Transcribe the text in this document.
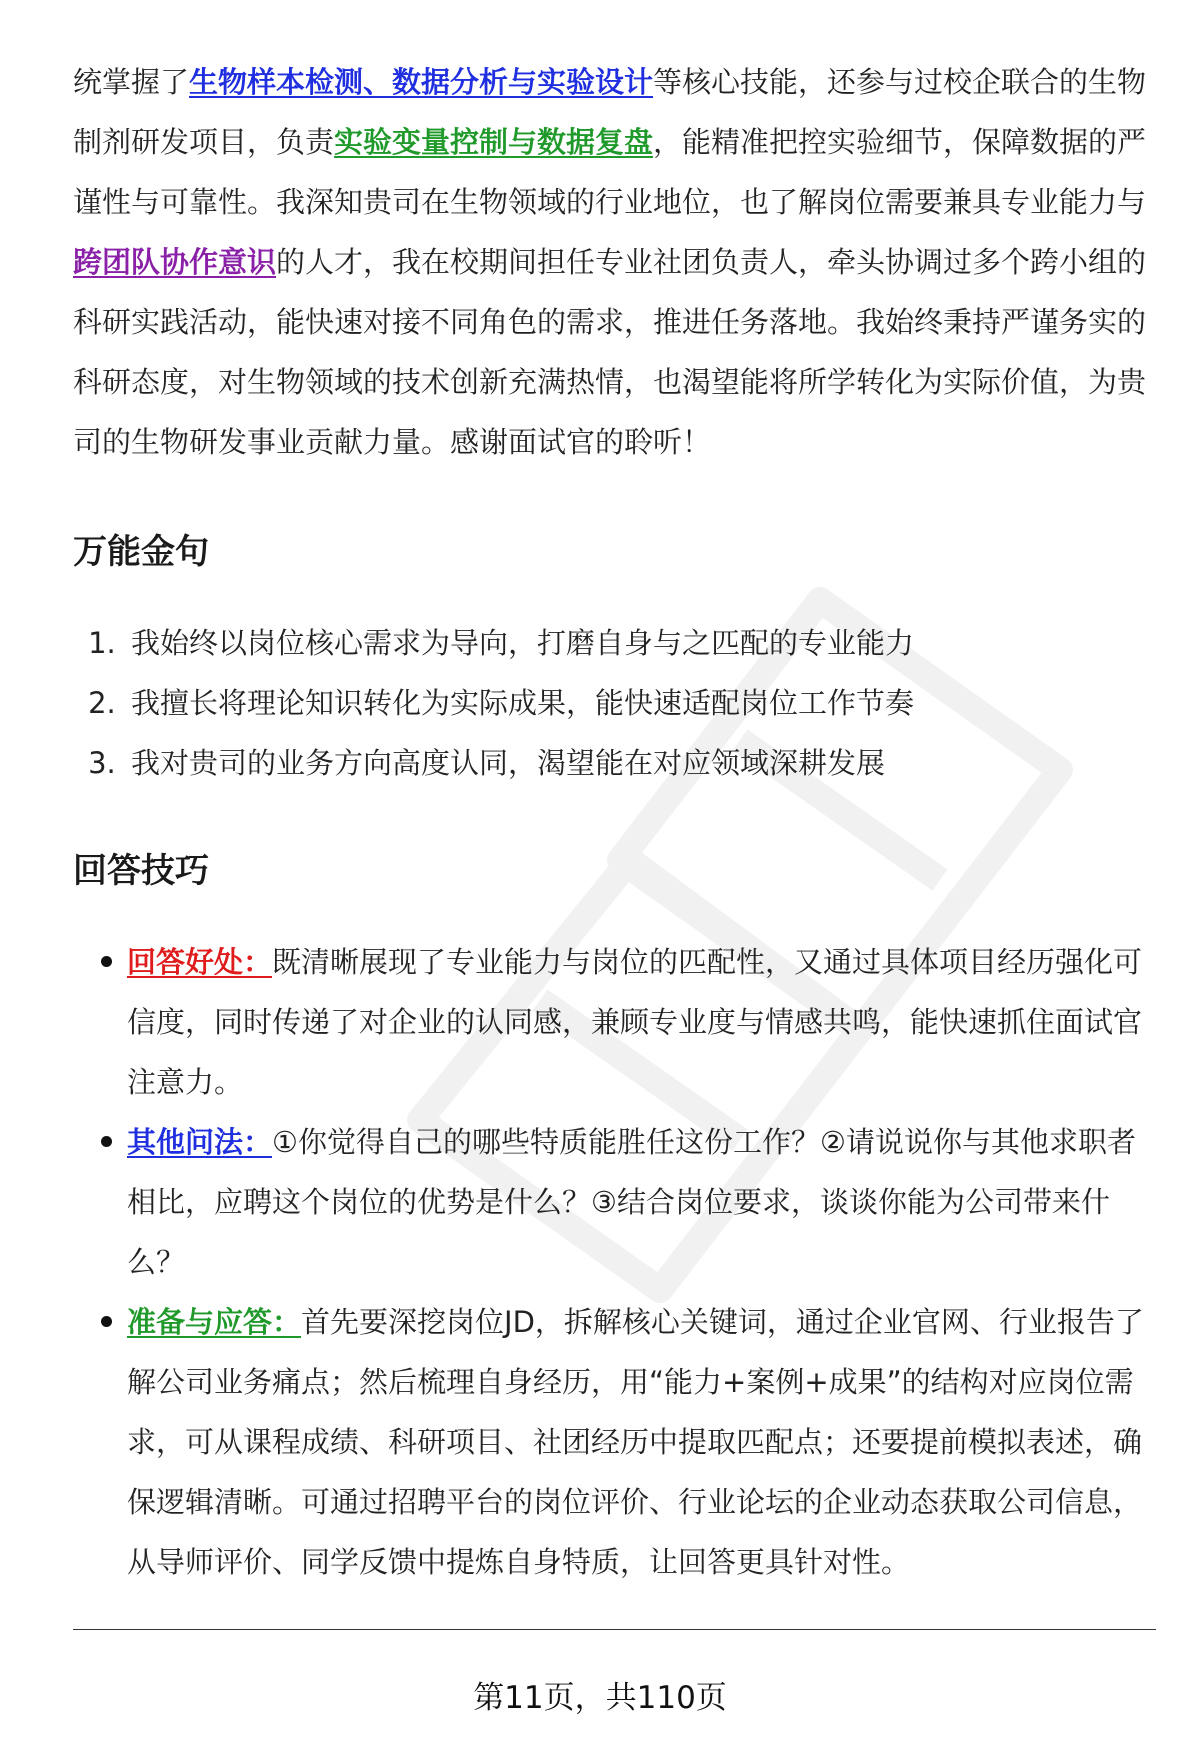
统掌握了生物样本检测、数据分析与实验设计等核心技能，还参与过校企联合的生物制剂研发项目，负责实验变量控制与数据复盘，能精准把控实验细节，保障数据的严谨性与可靠性。我深知贵司在生物领域的行业地位，也了解岗位需要兼具专业能力与跨团队协作意识的人才，我在校期间担任专业社团负责人，牵头协调过多个跨小组的科研实践活动，能快速对接不同角色的需求，推进任务落地。我始终秉持严谨务实的科研态度，对生物领域的技术创新充满热情，也渴望能将所学转化为实际价值，为贵司的生物研发事业贡献力量。感谢面试官的聆听！

万能金句
1. 我始终以岗位核心需求为导向，打磨自身与之匹配的专业能力
2. 我擅长将理论知识转化为实际成果，能快速适配岗位工作节奏
3. 我对贵司的业务方向高度认同，渴望能在对应领域深耕发展
回答技巧
回答好处：既清晰展现了专业能力与岗位的匹配性，又通过具体项目经历强化可信度，同时传递了对企业的认同感，兼顾专业度与情感共鸣，能快速抓住面试官注意力。
其他问法：①你觉得自己的哪些特质能胜任这份工作？②请说说你与其他求职者相比，应聘这个岗位的优势是什么？③结合岗位要求，谈谈你能为公司带来什么？
准备与应答：首先要深挖岗位JD，拆解核心关键词，通过企业官网、行业报告了解公司业务痛点；然后梳理自身经历，用“能力+案例+成果”的结构对应岗位需求，可从课程成绩、科研项目、社团经历中提取匹配点；还要提前模拟表述，确保逻辑清晰。可通过招聘平台的岗位评价、行业论坛的企业动态获取公司信息，从导师评价、同学反馈中提炼自身特质，让回答更具针对性。
第11页，共110页
